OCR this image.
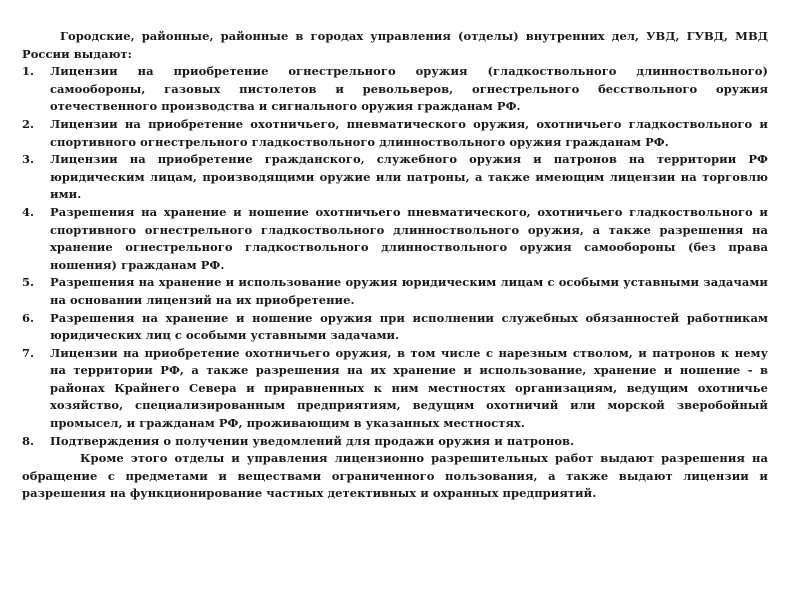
Городские, районные, районные в городах управления (отделы) внутренних дел, УВД, ГУВД, МВД России выдают:

1. Лицензии на приобретение огнестрельного оружия (гладкоствольного длинноствольного) самообороны, газовых пистолетов и револьверов, огнестрельного бесствольного оружия отечественного производства и сигнального оружия гражданам РФ.
2. Лицензии на приобретение охотничьего, пневматического оружия, охотничьего гладкоствольного и спортивного огнестрельного гладкоствольного длинноствольного оружия гражданам РФ.
3. Лицензии на приобретение гражданского, служебного оружия и патронов на территории РФ юридическим лицам, производящими оружие или патроны, а также имеющим лицензии на торговлю ими.
4. Разрешения на хранение и ношение охотничьего пневматического, охотничьего гладкоствольного и спортивного огнестрельного гладкоствольного длинноствольного оружия, а также разрешения на хранение огнестрельного гладкоствольного длинноствольного оружия самообороны (без права ношения) гражданам РФ.
5. Разрешения на хранение и использование оружия юридическим лицам с особыми уставными задачами на основании лицензий на их приобретение.
6. Разрешения на хранение и ношение оружия при исполнении служебных обязанностей работникам юридических лиц с особыми уставными задачами.
7. Лицензии на приобретение охотничьего оружия, в том числе с нарезным стволом, и патронов к нему на территории РФ, а также разрешения на их хранение и использование, хранение и ношение - в районах Крайнего Севера и приравненных к ним местностях организациям, ведущим охотничье хозяйство, специализированным предприятиям, ведущим охотничий или морской зверобойный промысел, и гражданам РФ, проживающим в указанных местностях.
8. Подтверждения о получении уведомлений для продажи оружия и патронов.

Кроме этого отделы и управления лицензионно разрешительных работ выдают разрешения на обращение с предметами и веществами ограниченного пользования, а также выдают лицензии и разрешения на функционирование частных детективных и охранных предприятий.
